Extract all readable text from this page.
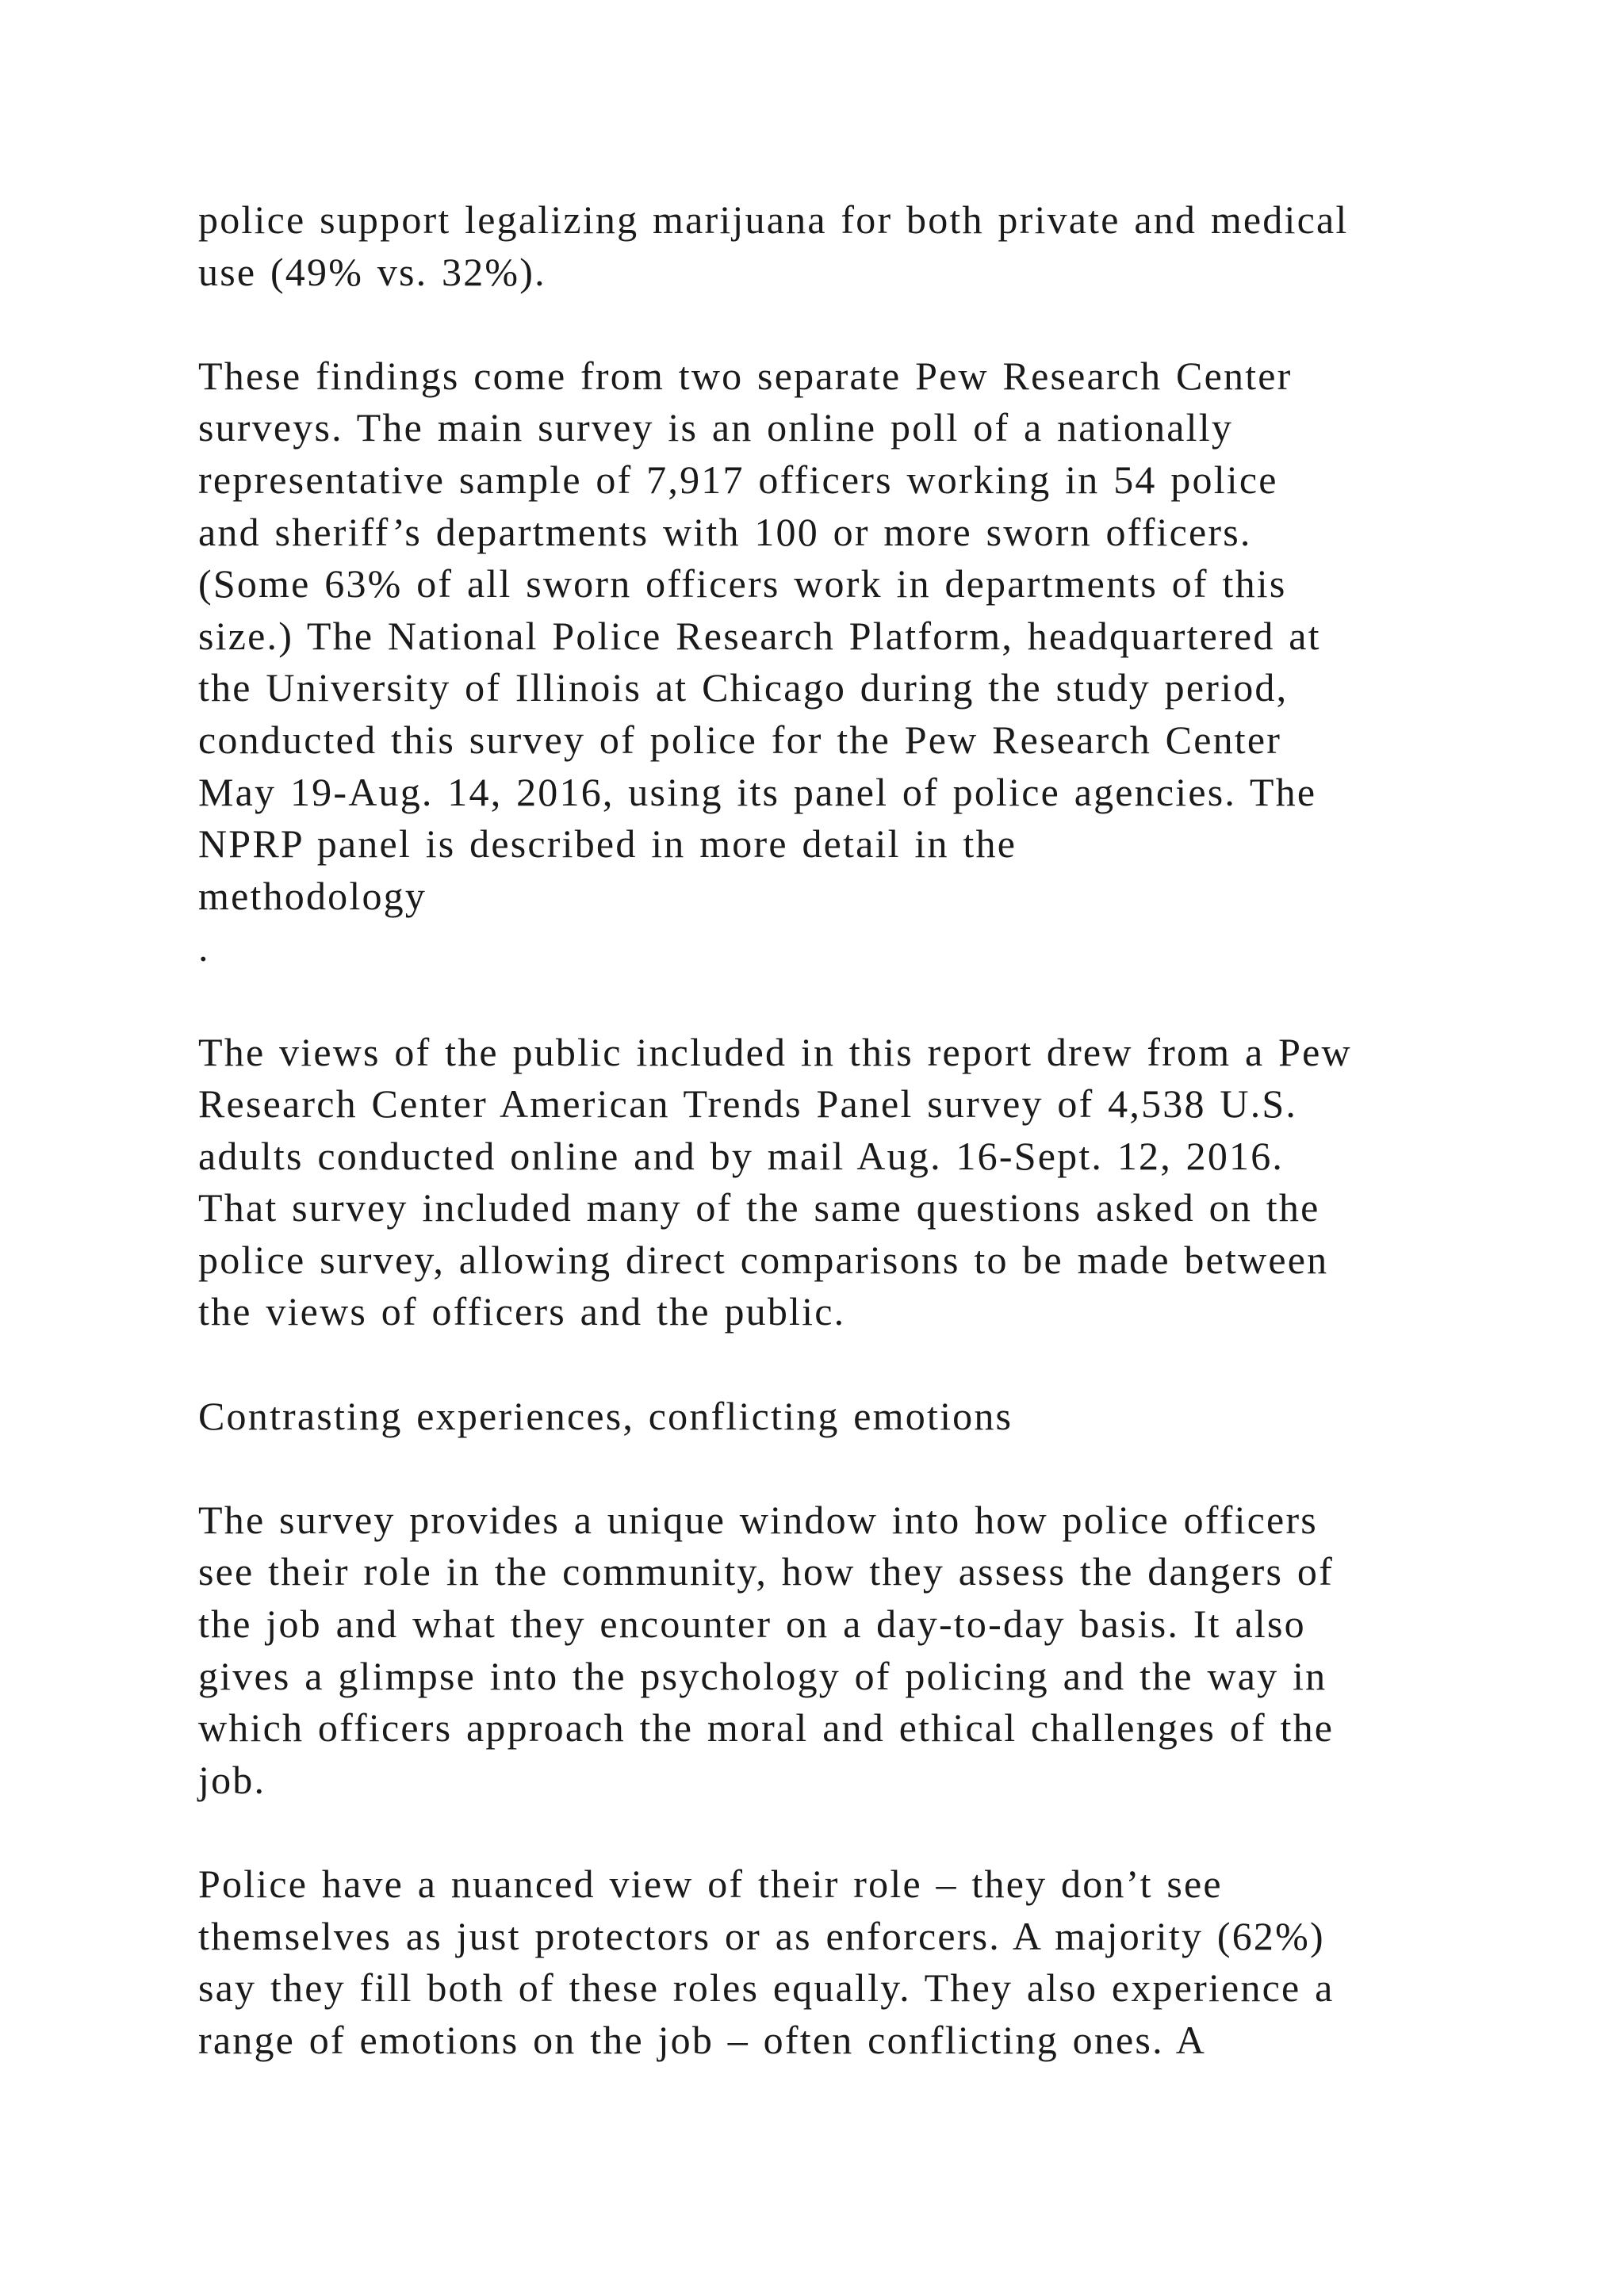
police support legalizing marijuana for both private and medical
use (49% vs. 32%).
These findings come from two separate Pew Research Center
surveys. The main survey is an online poll of a nationally
representative sample of 7,917 officers working in 54 police
and sheriff’s departments with 100 or more sworn officers.
(Some 63% of all sworn officers work in departments of this
size.) The National Police Research Platform, headquartered at
the University of Illinois at Chicago during the study period,
conducted this survey of police for the Pew Research Center
May 19-Aug. 14, 2016, using its panel of police agencies. The
NPRP panel is described in more detail in the
methodology
.
The views of the public included in this report drew from a Pew
Research Center American Trends Panel survey of 4,538 U.S.
adults conducted online and by mail Aug. 16-Sept. 12, 2016.
That survey included many of the same questions asked on the
police survey, allowing direct comparisons to be made between
the views of officers and the public.
Contrasting experiences, conflicting emotions
The survey provides a unique window into how police officers
see their role in the community, how they assess the dangers of
the job and what they encounter on a day-to-day basis. It also
gives a glimpse into the psychology of policing and the way in
which officers approach the moral and ethical challenges of the
job.
Police have a nuanced view of their role – they don’t see
themselves as just protectors or as enforcers. A majority (62%)
say they fill both of these roles equally. They also experience a
range of emotions on the job – often conflicting ones. A
